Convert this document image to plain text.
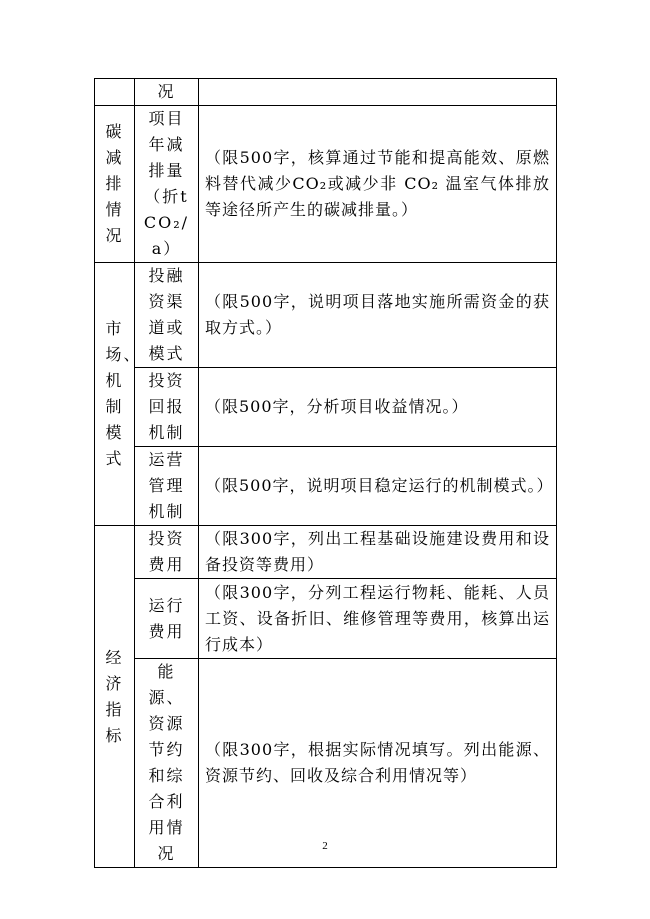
	况	
碳减排情况	项目年减排量（折tCO₂/a）	（限500字，核算通过节能和提高能效、原燃料替代减少CO₂或减少非 CO₂ 温室气体排放等途径所产生的碳减排量。）
市场、机制模式	投融资渠道或模式	（限500字，说明项目落地实施所需资金的获取方式。）
	投资回报机制	（限500字，分析项目收益情况。）
	运营管理机制	（限500字，说明项目稳定运行的机制模式。）
经济指标	投资费用	（限300字，列出工程基础设施建设费用和设备投资等费用）
	运行费用	（限300字，分列工程运行物耗、能耗、人员工资、设备折旧、维修管理等费用，核算出运行成本）
	能源、资源节约和综合利用情况	（限300字，根据实际情况填写。列出能源、资源节约、回收及综合利用情况等）
2
